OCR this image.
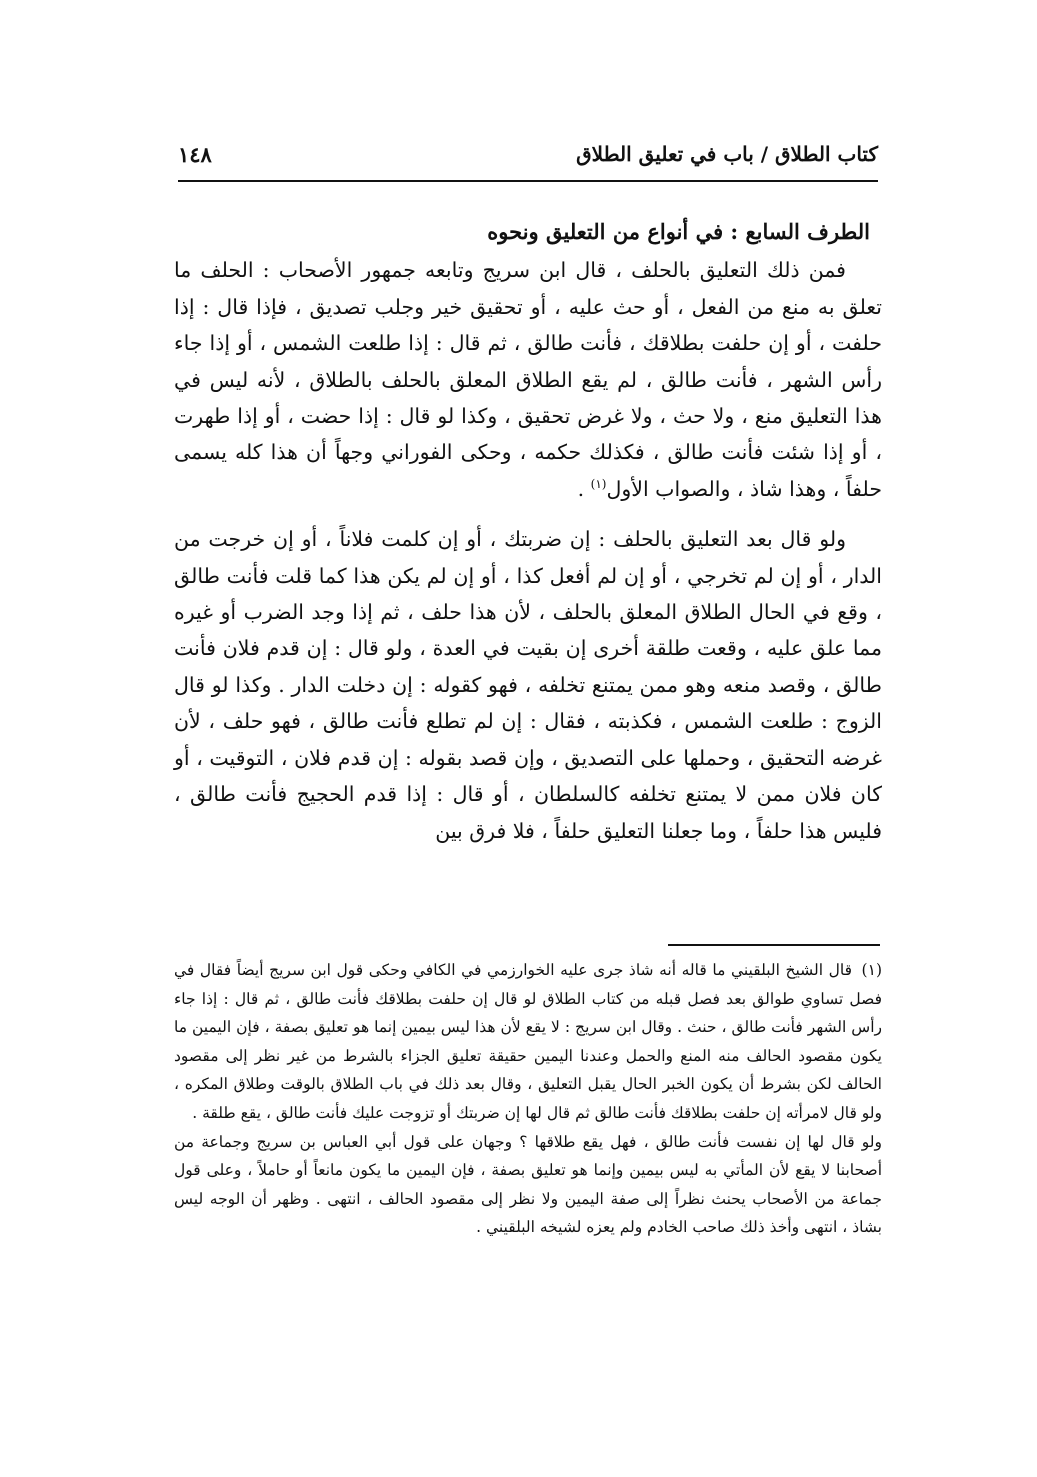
كتاب الطلاق / باب في تعليق الطلاق
١٤٨
الطرف السابع : في أنواع من التعليق ونحوه

فمن ذلك التعليق بالحلف ، قال ابن سريج وتابعه جمهور الأصحاب : الحلف ما تعلق به منع من الفعل ، أو حث عليه ، أو تحقيق خير وجلب تصديق ، فإذا قال : إذا حلفت ، أو إن حلفت بطلاقك ، فأنت طالق ، ثم قال : إذا طلعت الشمس ، أو إذا جاء رأس الشهر ، فأنت طالق ، لم يقع الطلاق المعلق بالحلف بالطلاق ، لأنه ليس في هذا التعليق منع ، ولا حث ، ولا غرض تحقيق ، وكذا لو قال : إذا حضت ، أو إذا طهرت ، أو إذا شئت فأنت طالق ، فكذلك حكمه ، وحكى الفوراني وجهاً أن هذا كله يسمى حلفاً ، وهذا شاذ ، والصواب الأول$^{(١)}$ .

ولو قال بعد التعليق بالحلف : إن ضربتك ، أو إن كلمت فلاناً ، أو إن خرجت من الدار ، أو إن لم تخرجي ، أو إن لم أفعل كذا ، أو إن لم يكن هذا كما قلت فأنت طالق ، وقع في الحال الطلاق المعلق بالحلف ، لأن هذا حلف ، ثم إذا وجد الضرب أو غيره مما علق عليه ، وقعت طلقة أخرى إن بقيت في العدة ، ولو قال : إن قدم فلان فأنت طالق ، وقصد منعه وهو ممن يمتنع تخلفه ، فهو كقوله : إن دخلت الدار . وكذا لو قال الزوج : طلعت الشمس ، فكذبته ، فقال : إن لم تطلع فأنت طالق ، فهو حلف ، لأن غرضه التحقيق ، وحملها على التصديق ، وإن قصد بقوله : إن قدم فلان ، التوقيت ، أو كان فلان ممن لا يمتنع تخلفه كالسلطان ، أو قال : إذا قدم الحجيج فأنت طالق ، فليس هذا حلفاً ، وما جعلنا التعليق حلفاً ، فلا فرق بين

(١)قال الشيخ البلقيني ما قاله أنه شاذ جرى عليه الخوارزمي في الكافي وحكى قول ابن سريج أيضاً فقال في فصل تساوي طوالق بعد فصل قبله من كتاب الطلاق لو قال إن حلفت بطلاقك فأنت طالق ، ثم قال : إذا جاء رأس الشهر فأنت طالق ، حنث . وقال ابن سريج : لا يقع لأن هذا ليس بيمين إنما هو تعليق بصفة ، فإن اليمين ما يكون مقصود الحالف منه المنع والحمل وعندنا اليمين حقيقة تعليق الجزاء بالشرط من غير نظر إلى مقصود الحالف لكن بشرط أن يكون الخبر الحال يقبل التعليق ، وقال بعد ذلك في باب الطلاق بالوقت وطلاق المكره ، ولو قال لامرأته إن حلفت بطلاقك فأنت طالق ثم قال لها إن ضربتك أو تزوجت عليك فأنت طالق ، يقع طلقة .

ولو قال لها إن نفست فأنت طالق ، فهل يقع طلاقها ؟ وجهان على قول أبي العباس بن سريج وجماعة من أصحابنا لا يقع لأن المأتي به ليس بيمين وإنما هو تعليق بصفة ، فإن اليمين ما يكون مانعاً أو حاملاً ، وعلى قول جماعة من الأصحاب يحنث نظراً إلى صفة اليمين ولا نظر إلى مقصود الحالف ، انتهى . وظهر أن الوجه ليس بشاذ ، انتهى وأخذ ذلك صاحب الخادم ولم يعزه لشيخه البلقيني .
